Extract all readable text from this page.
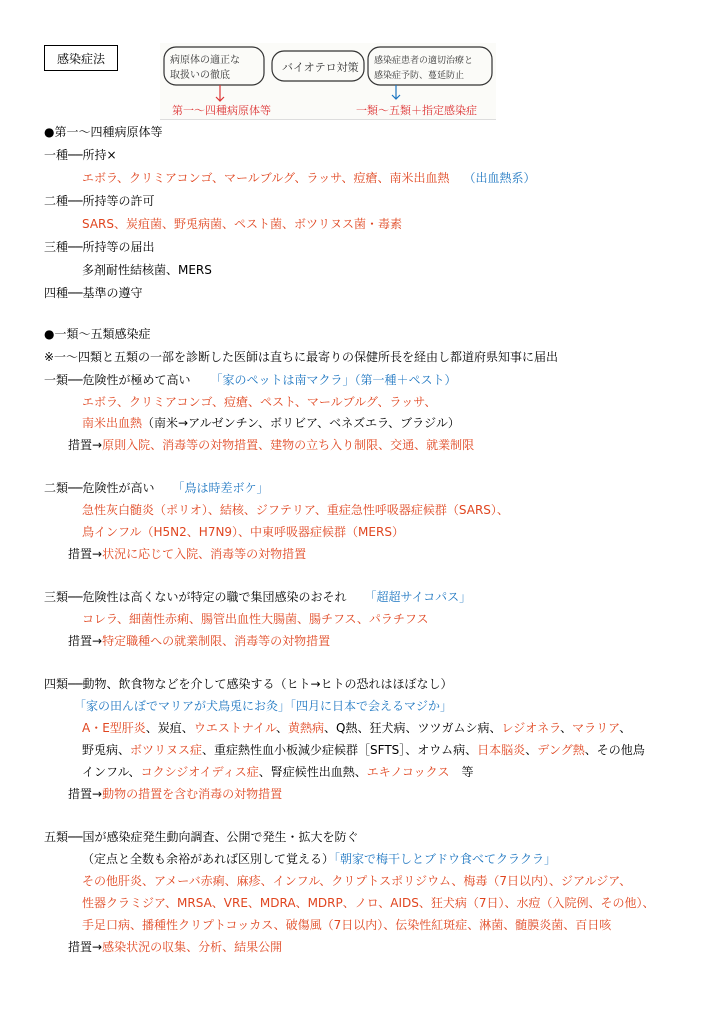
感染症法	病原体の適正な
取扱いの徹底
バイオテロ対策 感染症患者の適切治療と
感染症予防、蔓延防止
第一～四種病原体等	一類～五類＋指定感染症
●第一～四種病原体等
一種──所持×
エボラ、クリミアコンゴ、マールブルグ、ラッサ、痘瘡、南米出血熱 （出血熱系）
二種──所持等の許可
SARS、炭疽菌、野兎病菌、ペスト菌、ボツリヌス菌・毒素
三種──所持等の届出
多剤耐性結核菌、MERS
四種──基準の遵守
●一類～五類感染症
※一～四類と五類の一部を診断した医師は直ちに最寄りの保健所長を経由し都道府県知事に届出
一類──危険性が極めて高い 「家のペットは南マクラ」（第一種＋ペスト）
エボラ、クリミアコンゴ、痘瘡、ペスト、マールブルグ、ラッサ、
南米出血熱（南米→アルゼンチン、ボリビア、ベネズエラ、ブラジル）
措置→原則入院、消毒等の対物措置、建物の立ち入り制限、交通、就業制限
二類──危険性が高い 「鳥は時差ボケ」
急性灰白髄炎（ポリオ）、結核、ジフテリア、重症急性呼吸器症候群（SARS）、
鳥インフル（H5N2、H7N9）、中東呼吸器症候群（MERS）
措置→状況に応じて入院、消毒等の対物措置
三類──危険性は高くないが特定の職で集団感染のおそれ 「超超サイコパス」
コレラ、細菌性赤痢、腸管出血性大腸菌、腸チフス、パラチフス
措置→特定職種への就業制限、消毒等の対物措置
四類──動物、飲食物などを介して感染する（ヒト→ヒトの恐れはほぼなし）
「家の田んぼでマリアが犬鳥兎にお灸」「四月に日本で会えるマジか」
A・E型肝炎、炭疽、ウエストナイル、黄熱病、Q熱、狂犬病、ツツガムシ病、レジオネラ、マラリア、
野兎病、ボツリヌス症、重症熱性血小板減少症候群［SFTS］、オウム病、日本脳炎、デング熱、その他鳥
インフル、コクシジオイディス症、腎症候性出血熱、エキノコックス　等
措置→動物の措置を含む消毒の対物措置
五類──国が感染症発生動向調査、公開で発生・拡大を防ぐ
（定点と全数も余裕があれば区別して覚える）「朝家で梅干しとブドウ食べてクラクラ」
その他肝炎、アメーバ赤痢、麻疹、インフル、クリプトスポリジウム、梅毒（7日以内）、ジアルジア、
性器クラミジア、MRSA、VRE、MDRA、MDRP、ノロ、AIDS、狂犬病（7日）、水痘（入院例、その他）、
手足口病、播種性クリプトコッカス、破傷風（7日以内）、伝染性紅斑症、淋菌、髄膜炎菌、百日咳
措置→感染状況の収集、分析、結果公開
